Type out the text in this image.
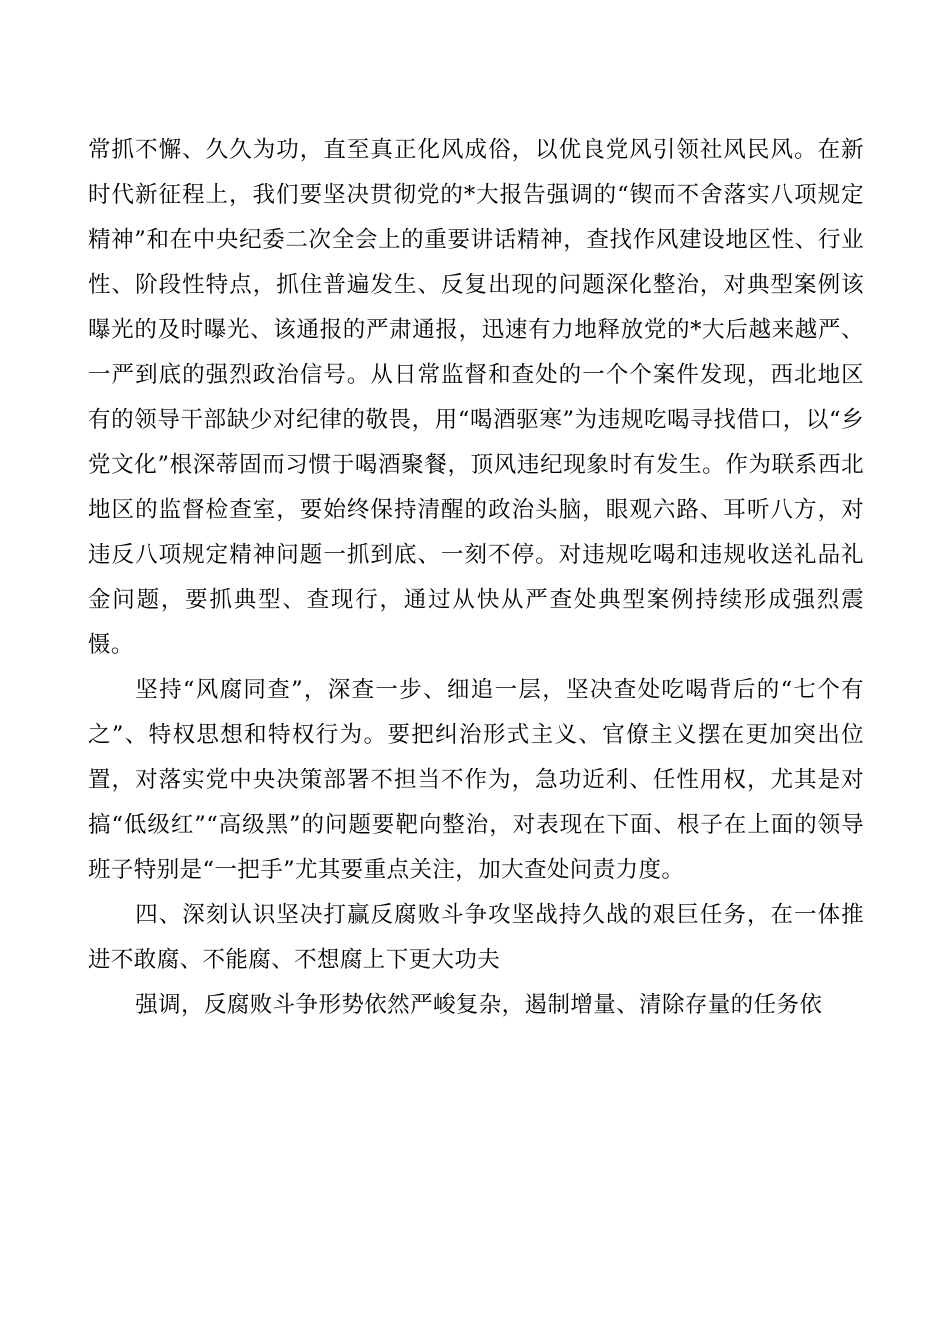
常抓不懈、久久为功，直至真正化风成俗，以优良党风引领社风民风。在新时代新征程上，我们要坚决贯彻党的*大报告强调的“锲而不舍落实八项规定精神”和在中央纪委二次全会上的重要讲话精神，查找作风建设地区性、行业性、阶段性特点，抓住普遍发生、反复出现的问题深化整治，对典型案例该曝光的及时曝光、该通报的严肃通报，迅速有力地释放党的*大后越来越严、一严到底的强烈政治信号。从日常监督和查处的一个个案件发现，西北地区有的领导干部缺少对纪律的敬畏，用“喝酒驱寒”为违规吃喝寻找借口，以“乡党文化”根深蒂固而习惯于喝酒聚餐，顶风违纪现象时有发生。作为联系西北地区的监督检查室，要始终保持清醒的政治头脑，眼观六路、耳听八方，对违反八项规定精神问题一抓到底、一刻不停。对违规吃喝和违规收送礼品礼金问题，要抓典型、查现行，通过从快从严查处典型案例持续形成强烈震慑。

坚持“风腐同查”，深查一步、细追一层，坚决查处吃喝背后的“七个有之”、特权思想和特权行为。要把纠治形式主义、官僚主义摆在更加突出位置，对落实党中央决策部署不担当不作为，急功近利、任性用权，尤其是对搞“低级红”“高级黑”的问题要靶向整治，对表现在下面、根子在上面的领导班子特别是“一把手”尤其要重点关注，加大查处问责力度。

四、深刻认识坚决打赢反腐败斗争攻坚战持久战的艰巨任务，在一体推进不敢腐、不能腐、不想腐上下更大功夫

强调，反腐败斗争形势依然严峻复杂，遏制增量、清除存量的任务依
